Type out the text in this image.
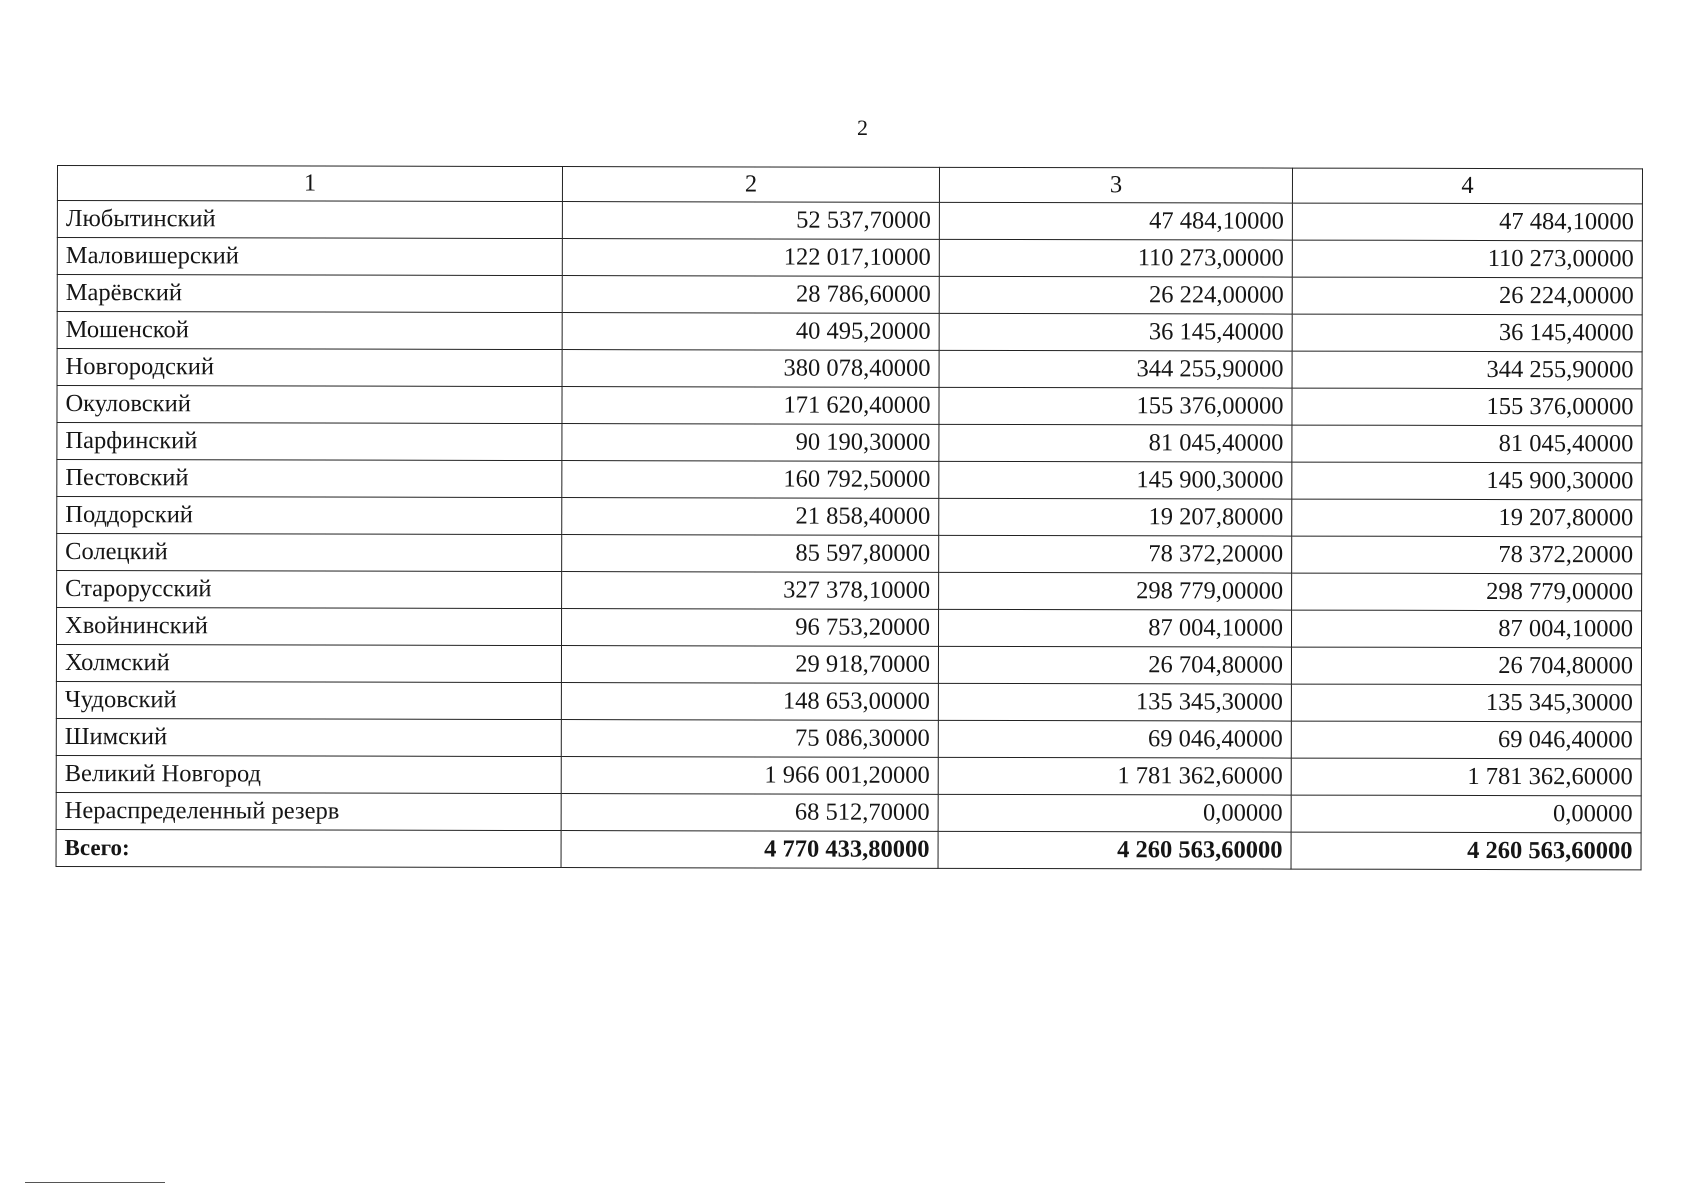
2
1	2	3	4
Любытинский	52 537,70000	47 484,10000	47 484,10000
Маловишерский	122 017,10000	110 273,00000	110 273,00000
Марёвский	28 786,60000	26 224,00000	26 224,00000
Мошенской	40 495,20000	36 145,40000	36 145,40000
Новгородский	380 078,40000	344 255,90000	344 255,90000
Окуловский	171 620,40000	155 376,00000	155 376,00000
Парфинский	90 190,30000	81 045,40000	81 045,40000
Пестовский	160 792,50000	145 900,30000	145 900,30000
Поддорский	21 858,40000	19 207,80000	19 207,80000
Солецкий	85 597,80000	78 372,20000	78 372,20000
Старорусский	327 378,10000	298 779,00000	298 779,00000
Хвойнинский	96 753,20000	87 004,10000	87 004,10000
Холмский	29 918,70000	26 704,80000	26 704,80000
Чудовский	148 653,00000	135 345,30000	135 345,30000
Шимский	75 086,30000	69 046,40000	69 046,40000
Великий Новгород	1 966 001,20000	1 781 362,60000	1 781 362,60000
Нераспределенный резерв	68 512,70000	0,00000	0,00000
Всего:	4 770 433,80000	4 260 563,60000	4 260 563,60000
